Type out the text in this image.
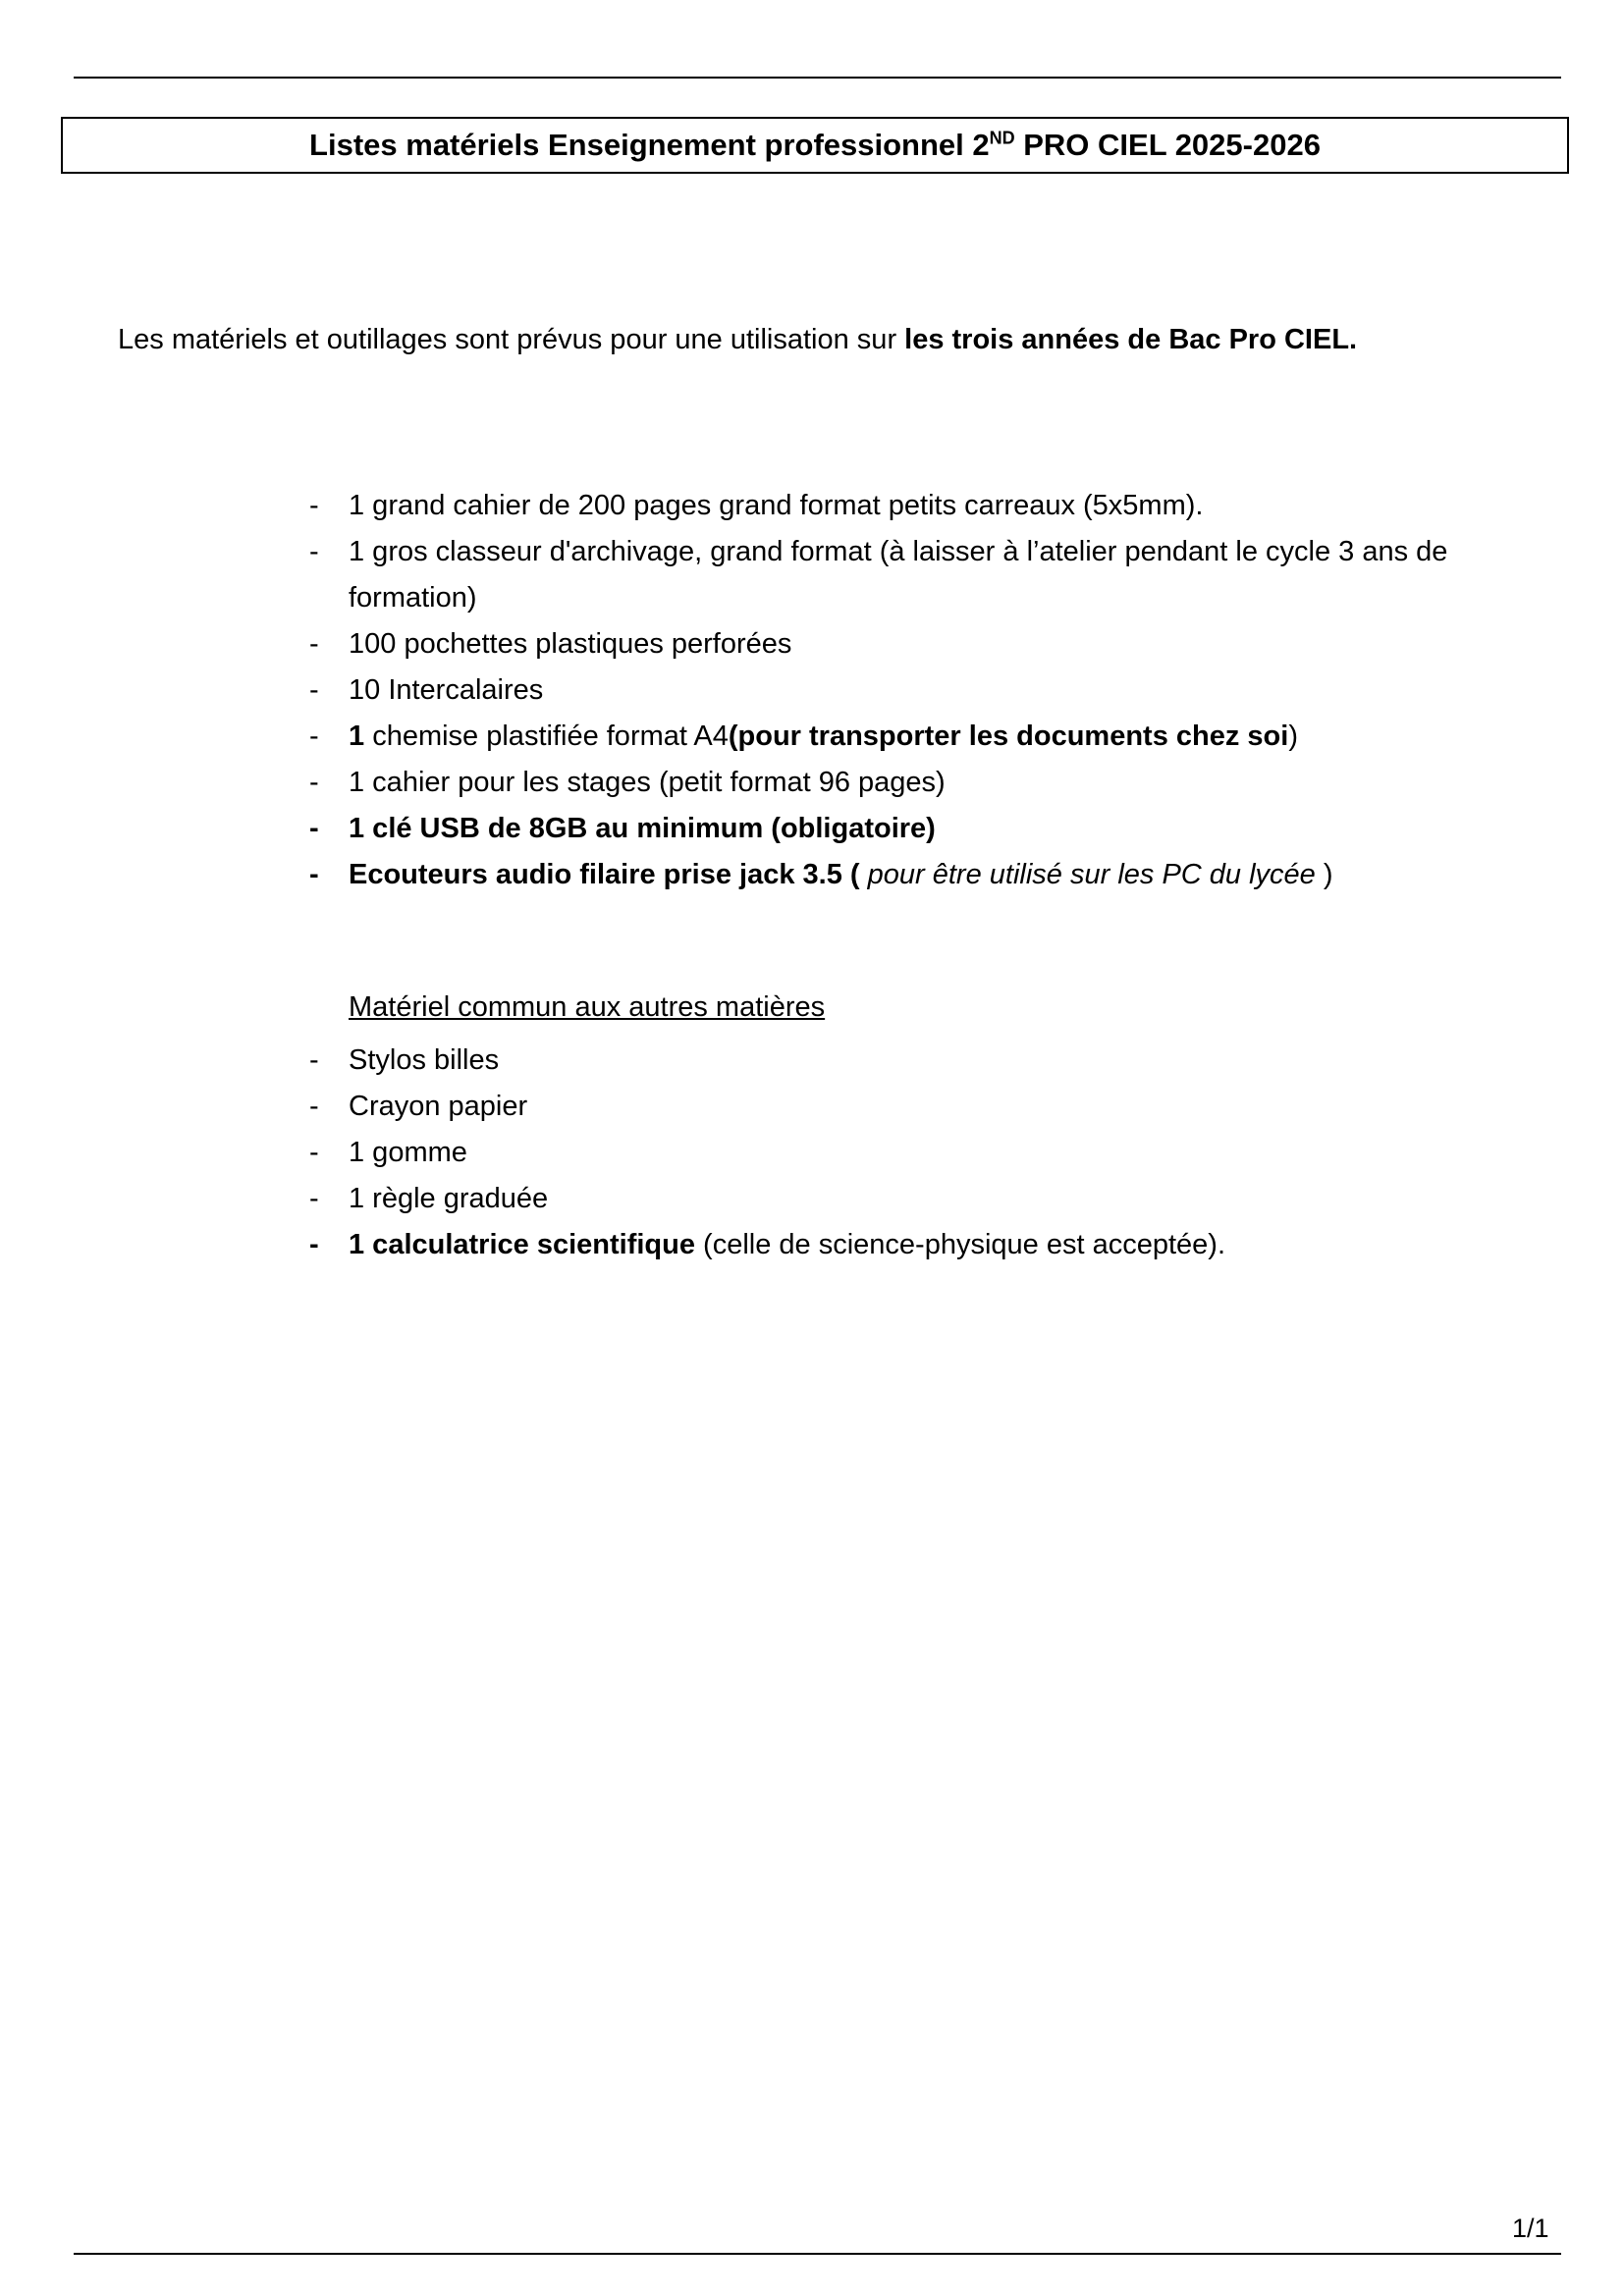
Listes matériels Enseignement professionnel 2ND PRO CIEL 2025-2026
Les matériels et outillages sont prévus pour une utilisation sur les trois années de Bac Pro CIEL.
- 1 grand cahier de 200 pages grand format petits carreaux (5x5mm).
- 1 gros classeur d'archivage, grand format (à laisser à l’atelier pendant le cycle 3 ans de formation)
- 100 pochettes plastiques perforées
- 10 Intercalaires
- 1 chemise plastifiée format A4(pour transporter les documents chez soi)
- 1 cahier pour les stages (petit format 96 pages)
- 1 clé USB de 8GB au minimum (obligatoire)
- Ecouteurs audio filaire prise jack 3.5 ( pour être utilisé sur les PC du lycée )
Matériel commun aux autres matières
- Stylos billes
- Crayon papier
- 1 gomme
- 1 règle graduée
- 1 calculatrice scientifique (celle de science-physique est acceptée).
1/1
